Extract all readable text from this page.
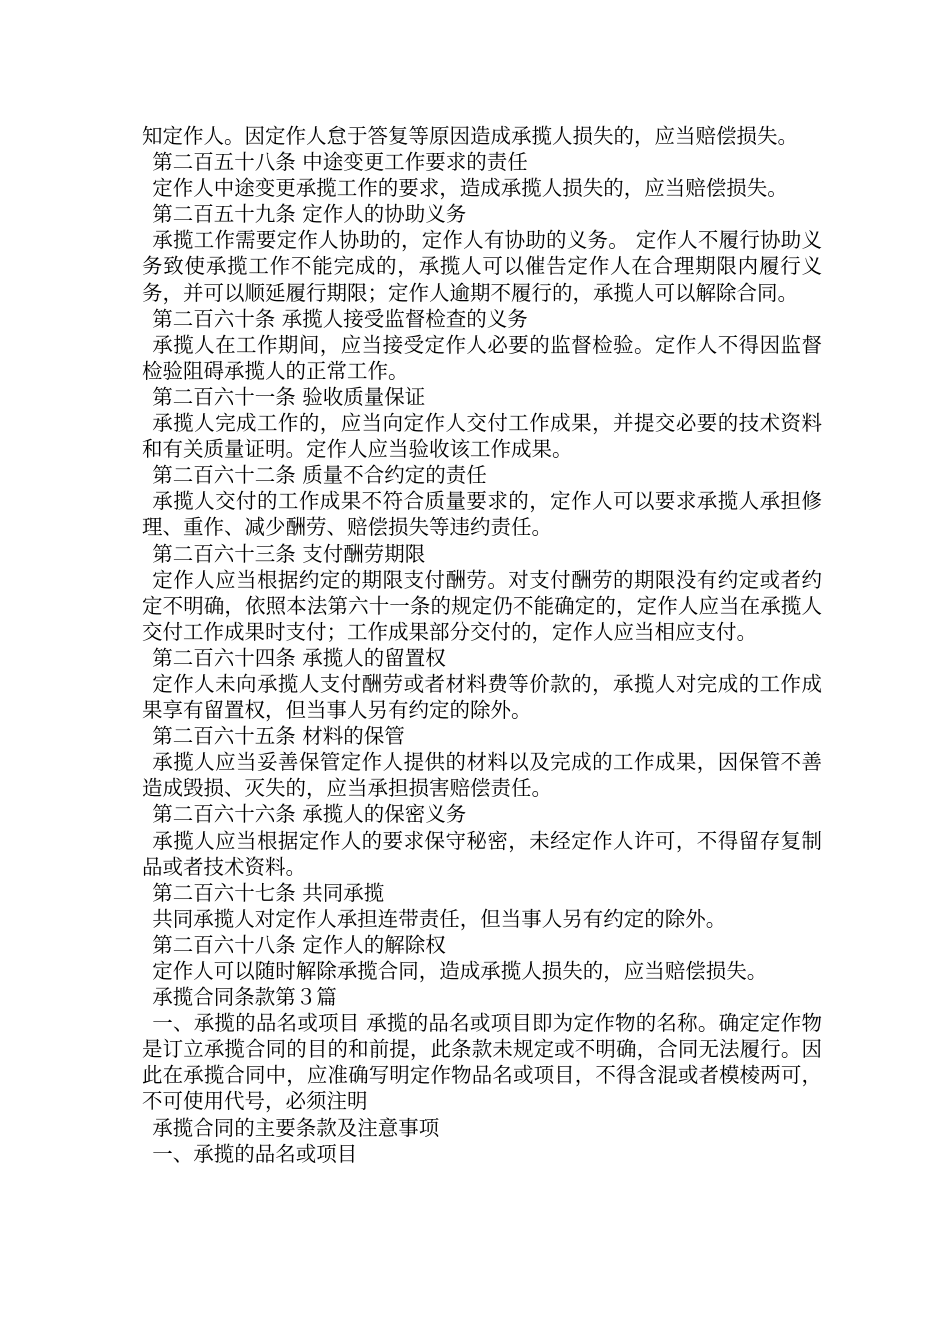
知定作人。因定作人怠于答复等原因造成承揽人损失的，应当赔偿损失。

第二百五十八条 中途变更工作要求的责任

定作人中途变更承揽工作的要求，造成承揽人损失的，应当赔偿损失。

第二百五十九条 定作人的协助义务

承揽工作需要定作人协助的，定作人有协助的义务。 定作人不履行协助义务致使承揽工作不能完成的，承揽人可以催告定作人在合理期限内履行义务，并可以顺延履行期限；定作人逾期不履行的，承揽人可以解除合同。

第二百六十条 承揽人接受监督检查的义务

承揽人在工作期间，应当接受定作人必要的监督检验。定作人不得因监督检验阻碍承揽人的正常工作。

第二百六十一条 验收质量保证

承揽人完成工作的，应当向定作人交付工作成果，并提交必要的技术资料和有关质量证明。定作人应当验收该工作成果。

第二百六十二条 质量不合约定的责任

承揽人交付的工作成果不符合质量要求的，定作人可以要求承揽人承担修理、重作、减少酬劳、赔偿损失等违约责任。

第二百六十三条 支付酬劳期限

定作人应当根据约定的期限支付酬劳。对支付酬劳的期限没有约定或者约定不明确，依照本法第六十一条的规定仍不能确定的，定作人应当在承揽人交付工作成果时支付；工作成果部分交付的，定作人应当相应支付。

第二百六十四条 承揽人的留置权

定作人未向承揽人支付酬劳或者材料费等价款的，承揽人对完成的工作成果享有留置权，但当事人另有约定的除外。

第二百六十五条 材料的保管

承揽人应当妥善保管定作人提供的材料以及完成的工作成果，因保管不善造成毁损、灭失的，应当承担损害赔偿责任。

第二百六十六条 承揽人的保密义务

承揽人应当根据定作人的要求保守秘密，未经定作人许可，不得留存复制品或者技术资料。

第二百六十七条 共同承揽

共同承揽人对定作人承担连带责任，但当事人另有约定的除外。

第二百六十八条 定作人的解除权

定作人可以随时解除承揽合同，造成承揽人损失的，应当赔偿损失。

承揽合同条款第３篇

一、承揽的品名或项目 承揽的品名或项目即为定作物的名称。确定定作物是订立承揽合同的目的和前提，此条款未规定或不明确，合同无法履行。因此在承揽合同中，应准确写明定作物品名或项目，不得含混或者模棱两可，不可使用代号，必须注明

承揽合同的主要条款及注意事项

一、承揽的品名或项目
